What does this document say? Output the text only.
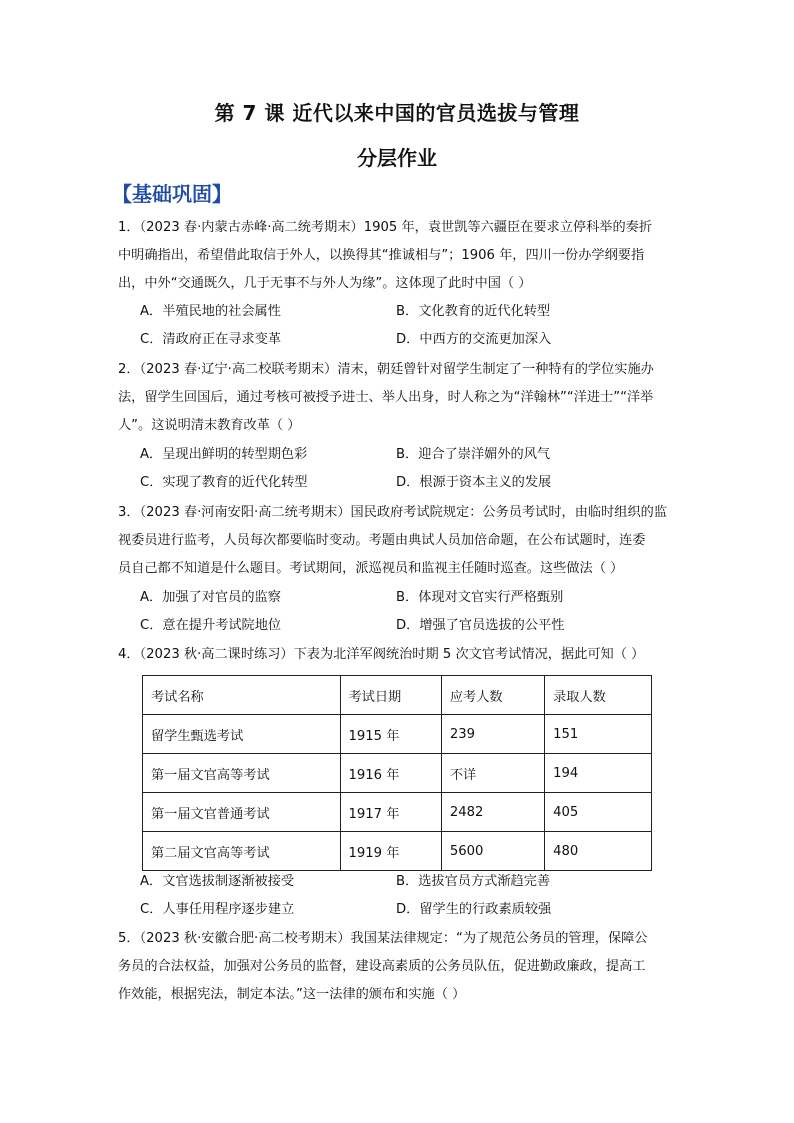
第 7 课 近代以来中国的官员选拔与管理
分层作业
【基础巩固】
1．（2023 春·内蒙古赤峰·高二统考期末）1905 年，袁世凯等六疆臣在要求立停科举的奏折
中明确指出，希望借此取信于外人，以换得其“推诚相与”；1906 年，四川一份办学纲要指
出，中外“交通既久，几于无事不与外人为缘”。这体现了此时中国（ ）
A．半殖民地的社会属性	B．文化教育的近代化转型
C．清政府正在寻求变革	D．中西方的交流更加深入
2．（2023 春·辽宁·高二校联考期末）清末，朝廷曾针对留学生制定了一种特有的学位实施办
法，留学生回国后，通过考核可被授予进士、举人出身，时人称之为“洋翰林”“洋进士”“洋举
人”。这说明清末教育改革（ ）
A．呈现出鲜明的转型期色彩	B．迎合了崇洋媚外的风气
C．实现了教育的近代化转型	D．根源于资本主义的发展
3．（2023 春·河南安阳·高二统考期末）国民政府考试院规定：公务员考试时，由临时组织的监
视委员进行监考，人员每次都要临时变动。考题由典试人员加倍命题，在公布试题时，连委
员自己都不知道是什么题目。考试期间，派巡视员和监视主任随时巡查。这些做法（ ）
A．加强了对官员的监察	B．体现对文官实行严格甄别
C．意在提升考试院地位	D．增强了官员选拔的公平性
4．（2023 秋·高二课时练习）下表为北洋军阀统治时期 5 次文官考试情况，据此可知（ ）
考试名称	考试日期	应考人数	录取人数
留学生甄选考试	1915 年	239	151
第一届文官高等考试	1916 年	不详	194
第一届文官普通考试	1917 年	2482	405
第二届文官高等考试	1919 年	5600	480
A．文官选拔制逐渐被接受	B．选拔官员方式渐趋完善
C．人事任用程序逐步建立	D．留学生的行政素质较强
5．（2023 秋·安徽合肥·高二校考期末）我国某法律规定：“为了规范公务员的管理，保障公
务员的合法权益，加强对公务员的监督，建设高素质的公务员队伍，促进勤政廉政，提高工
作效能，根据宪法，制定本法。”这一法律的颁布和实施（ ）
